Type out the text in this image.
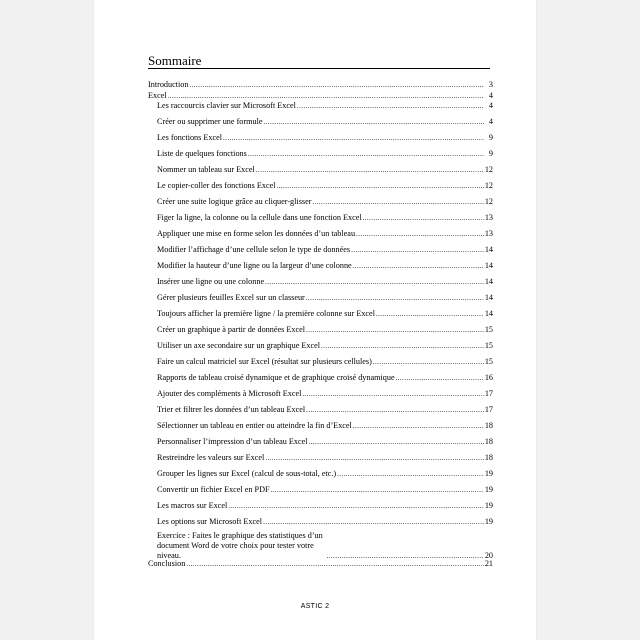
Sommaire
Introduction .....	3
Excel .....	4
Les raccourcis clavier sur Microsoft Excel .....	4
Créer ou supprimer une formule .....	4
Les fonctions Excel .....	9
Liste de quelques fonctions .....	9
Nommer un tableau sur Excel .....	12
Le copier-coller des fonctions Excel .....	12
Créer une suite logique grâce au cliquer-glisser .....	12
Figer la ligne, la colonne ou la cellule dans une fonction Excel .....	13
Appliquer une mise en forme selon les données d’un tableau .....	13
Modifier l’affichage d’une cellule selon le type de données .....	14
Modifier la hauteur d’une ligne ou la largeur d’une colonne .....	14
Insérer une ligne ou une colonne .....	14
Gérer plusieurs feuilles Excel sur un classeur .....	14
Toujours afficher la première ligne / la première colonne sur Excel .....	14
Créer un graphique à partir de données Excel .....	15
Utiliser un axe secondaire sur un graphique Excel .....	15
Faire un calcul matriciel sur Excel (résultat sur plusieurs cellules) .....	15
Rapports de tableau croisé dynamique et de graphique croisé dynamique .....	16
Ajouter des compléments à Microsoft Excel .....	17
Trier et filtrer les données d’un tableau Excel .....	17
Sélectionner un tableau en entier ou atteindre la fin d’Excel .....	18
Personnaliser l’impression d’un tableau Excel .....	18
Restreindre les valeurs sur Excel .....	18
Grouper les lignes sur Excel (calcul de sous-total, etc.) .....	19
Convertir un fichier Excel en PDF .....	19
Les macros sur Excel .....	19
Les options sur Microsoft Excel .....	19
Exercice : Faites le graphique des statistiques d’un document Word de votre choix pour tester votre niveau. .....	20
Conclusion .....	21
ASTIC 2
